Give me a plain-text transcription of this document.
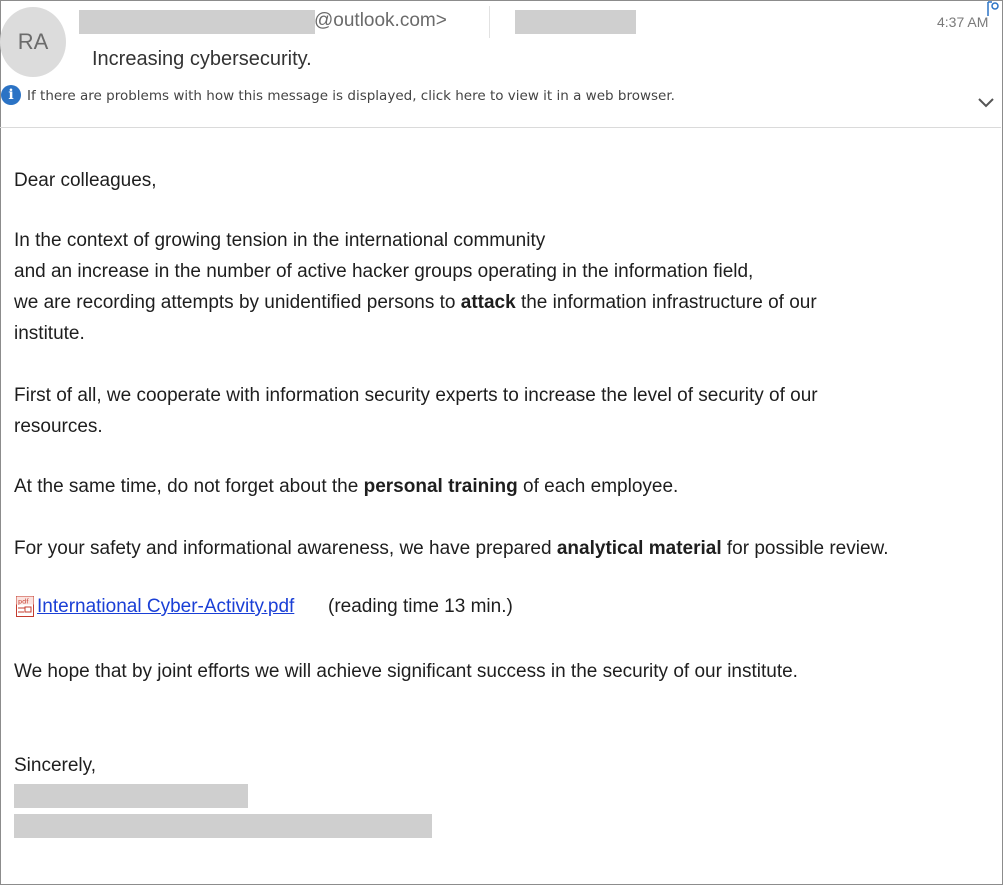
RA
@outlook.com>	4:37 AM
Increasing cybersecurity.
i If there are problems with how this message is displayed, click here to view it in a web browser.
Dear colleagues,
In the context of growing tension in the international community
and an increase in the number of active hacker groups operating in the information field,
we are recording attempts by unidentified persons to attack the information infrastructure of our
institute.
First of all, we cooperate with information security experts to increase the level of security of our
resources.
At the same time, do not forget about the personal training of each employee.
For your safety and informational awareness, we have prepared analytical material for possible review.
pdf International Cyber-Activity.pdf (reading time 13 min.)
We hope that by joint efforts we will achieve significant success in the security of our institute.
Sincerely,
